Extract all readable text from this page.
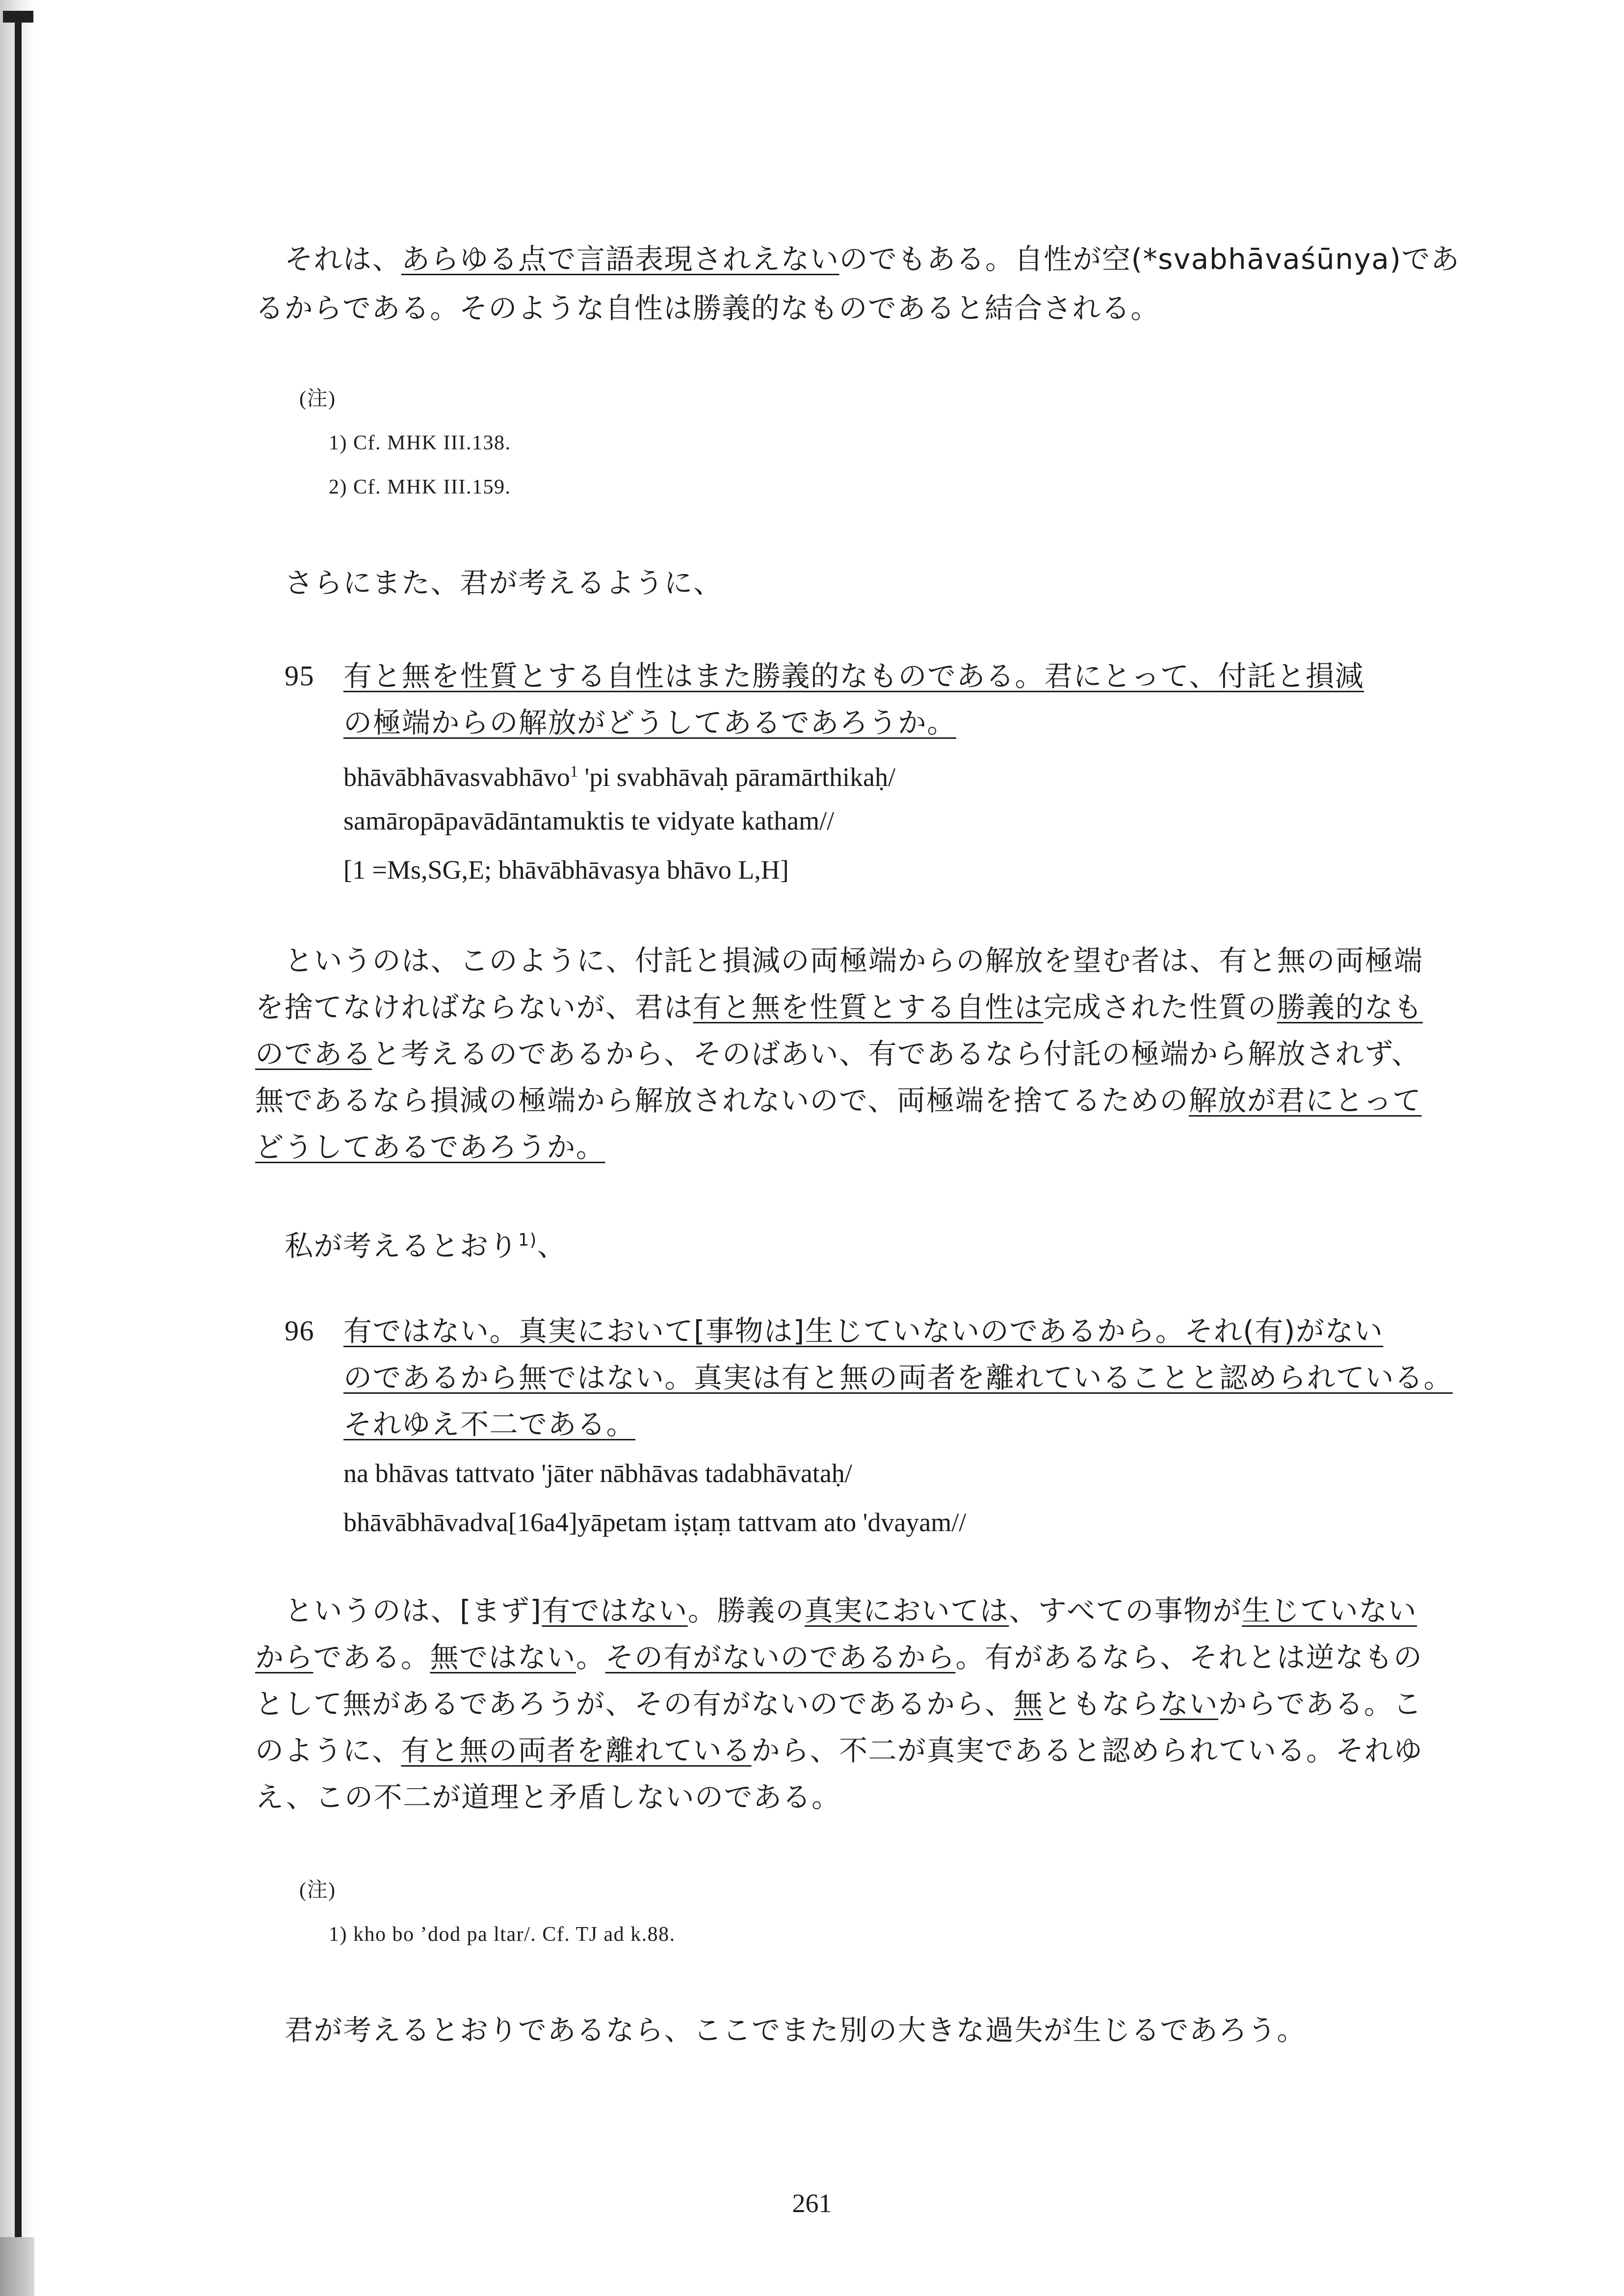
それは、あらゆる点で言語表現されえないのでもある。自性が空(*svabhāvaśūnya)であ

るからである。そのような自性は勝義的なものであると結合される。

(注)

1) Cf. MHK III.138.

2) Cf. MHK III.159.

さらにまた、君が考えるように、

95 有と無を性質とする自性はまた勝義的なものである。君にとって、付託と損減

の極端からの解放がどうしてあるであろうか。

bhāvābhāvasvabhāvo$^1$ 'pi svabhāvaḥ pāramārthikaḥ/

samāropāpavādāntamuktis te vidyate katham//

[1 =Ms,SG,E; bhāvābhāvasya bhāvo L,H]

というのは、このように、付託と損減の両極端からの解放を望む者は、有と無の両極端

を捨てなければならないが、君は有と無を性質とする自性は完成された性質の勝義的なも

のであると考えるのであるから、そのばあい、有であるなら付託の極端から解放されず、

無であるなら損減の極端から解放されないので、両極端を捨てるための解放が君にとって

どうしてあるであろうか。

私が考えるとおり$^{1)}$、

96 有ではない。真実において[事物は]生じていないのであるから。それ(有)がない

のであるから無ではない。真実は有と無の両者を離れていることと認められている。

それゆえ不二である。

na bhāvas tattvato 'jāter nābhāvas tadabhāvataḥ/

bhāvābhāvadva[16a4]yāpetam iṣṭaṃ tattvam ato 'dvayam//

というのは、[まず]有ではない。勝義の真実においては、すべての事物が生じていない

からである。無ではない。その有がないのであるから。有があるなら、それとは逆なもの

として無があるであろうが、その有がないのであるから、無ともならないからである。こ

のように、有と無の両者を離れているから、不二が真実であると認められている。それゆ

え、この不二が道理と矛盾しないのである。

(注)

1) kho bo ’dod pa ltar/. Cf. TJ ad k.88.

君が考えるとおりであるなら、ここでまた別の大きな過失が生じるであろう。

261
